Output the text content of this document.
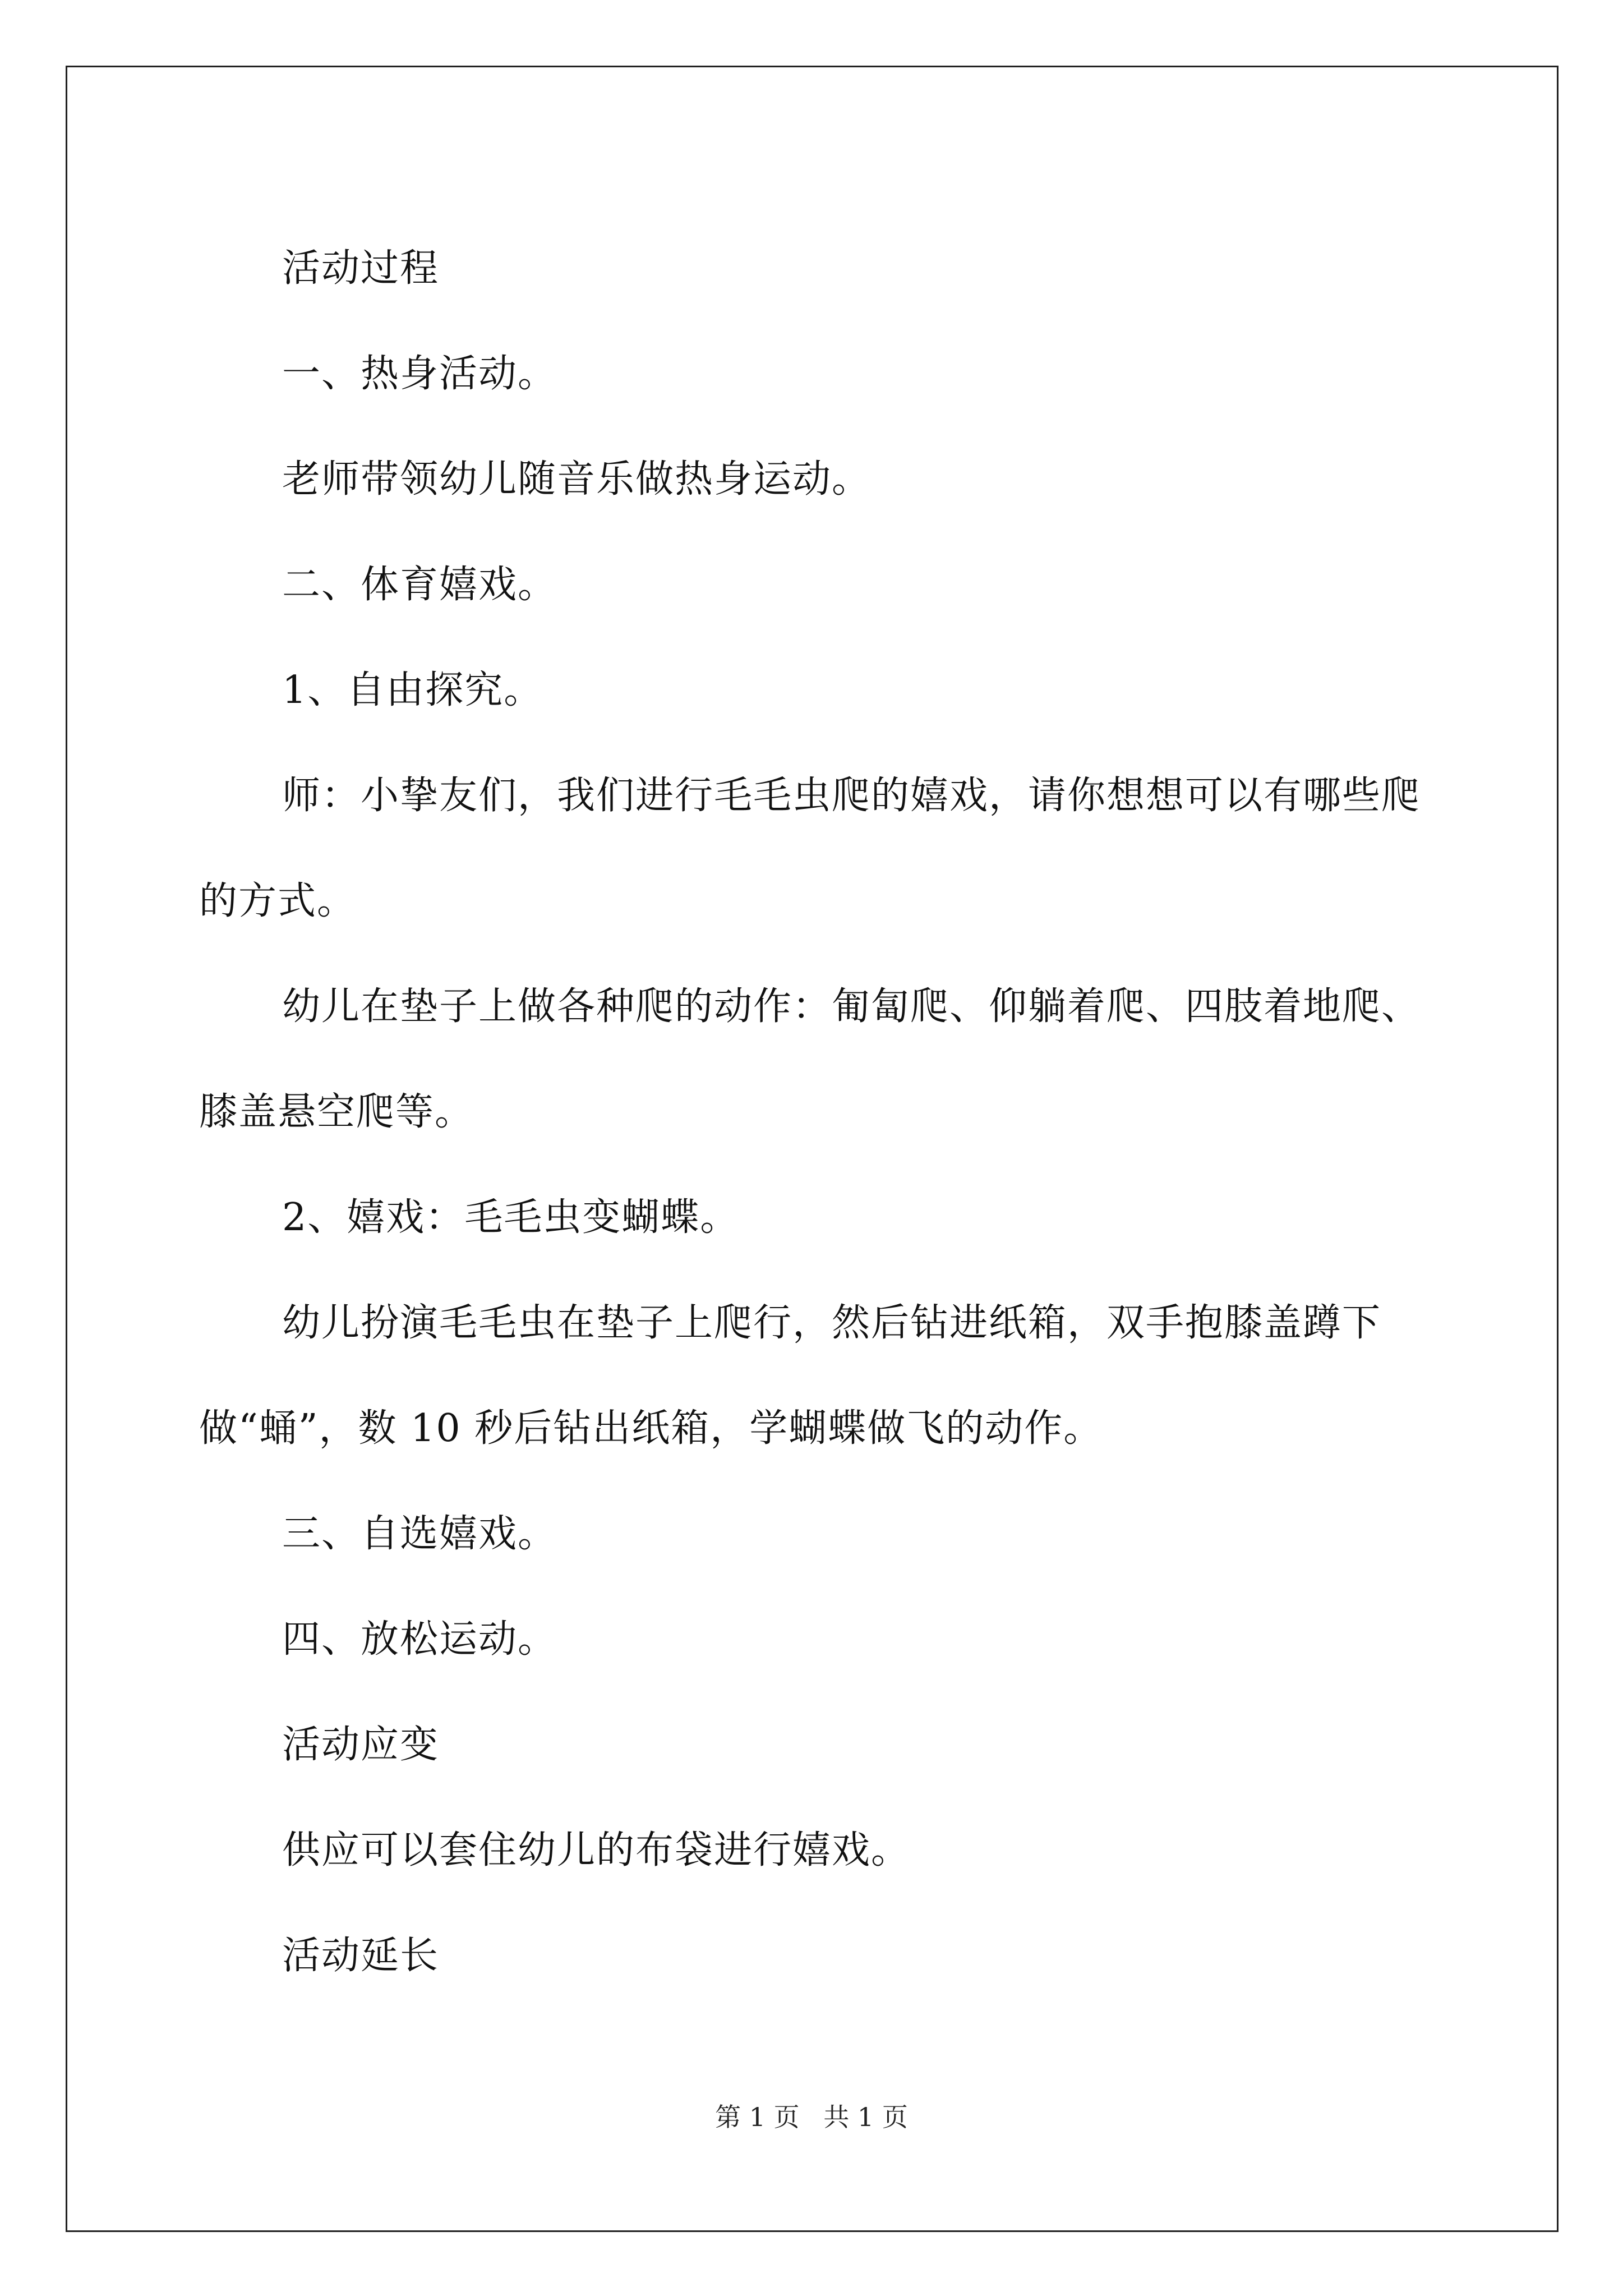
活动过程

一、热身活动。

老师带领幼儿随音乐做热身运动。

二、体育嬉戏。

1、自由探究。

师：小挚友们，我们进行毛毛虫爬的嬉戏，请你想想可以有哪些爬的方式。

幼儿在垫子上做各种爬的动作：匍匐爬、仰躺着爬、四肢着地爬、膝盖悬空爬等。

2、嬉戏：毛毛虫变蝴蝶。

幼儿扮演毛毛虫在垫子上爬行，然后钻进纸箱，双手抱膝盖蹲下做“蛹”，数 10 秒后钻出纸箱，学蝴蝶做飞的动作。

三、自选嬉戏。

四、放松运动。

活动应变

供应可以套住幼儿的布袋进行嬉戏。

活动延长

第 1 页 共 1 页
